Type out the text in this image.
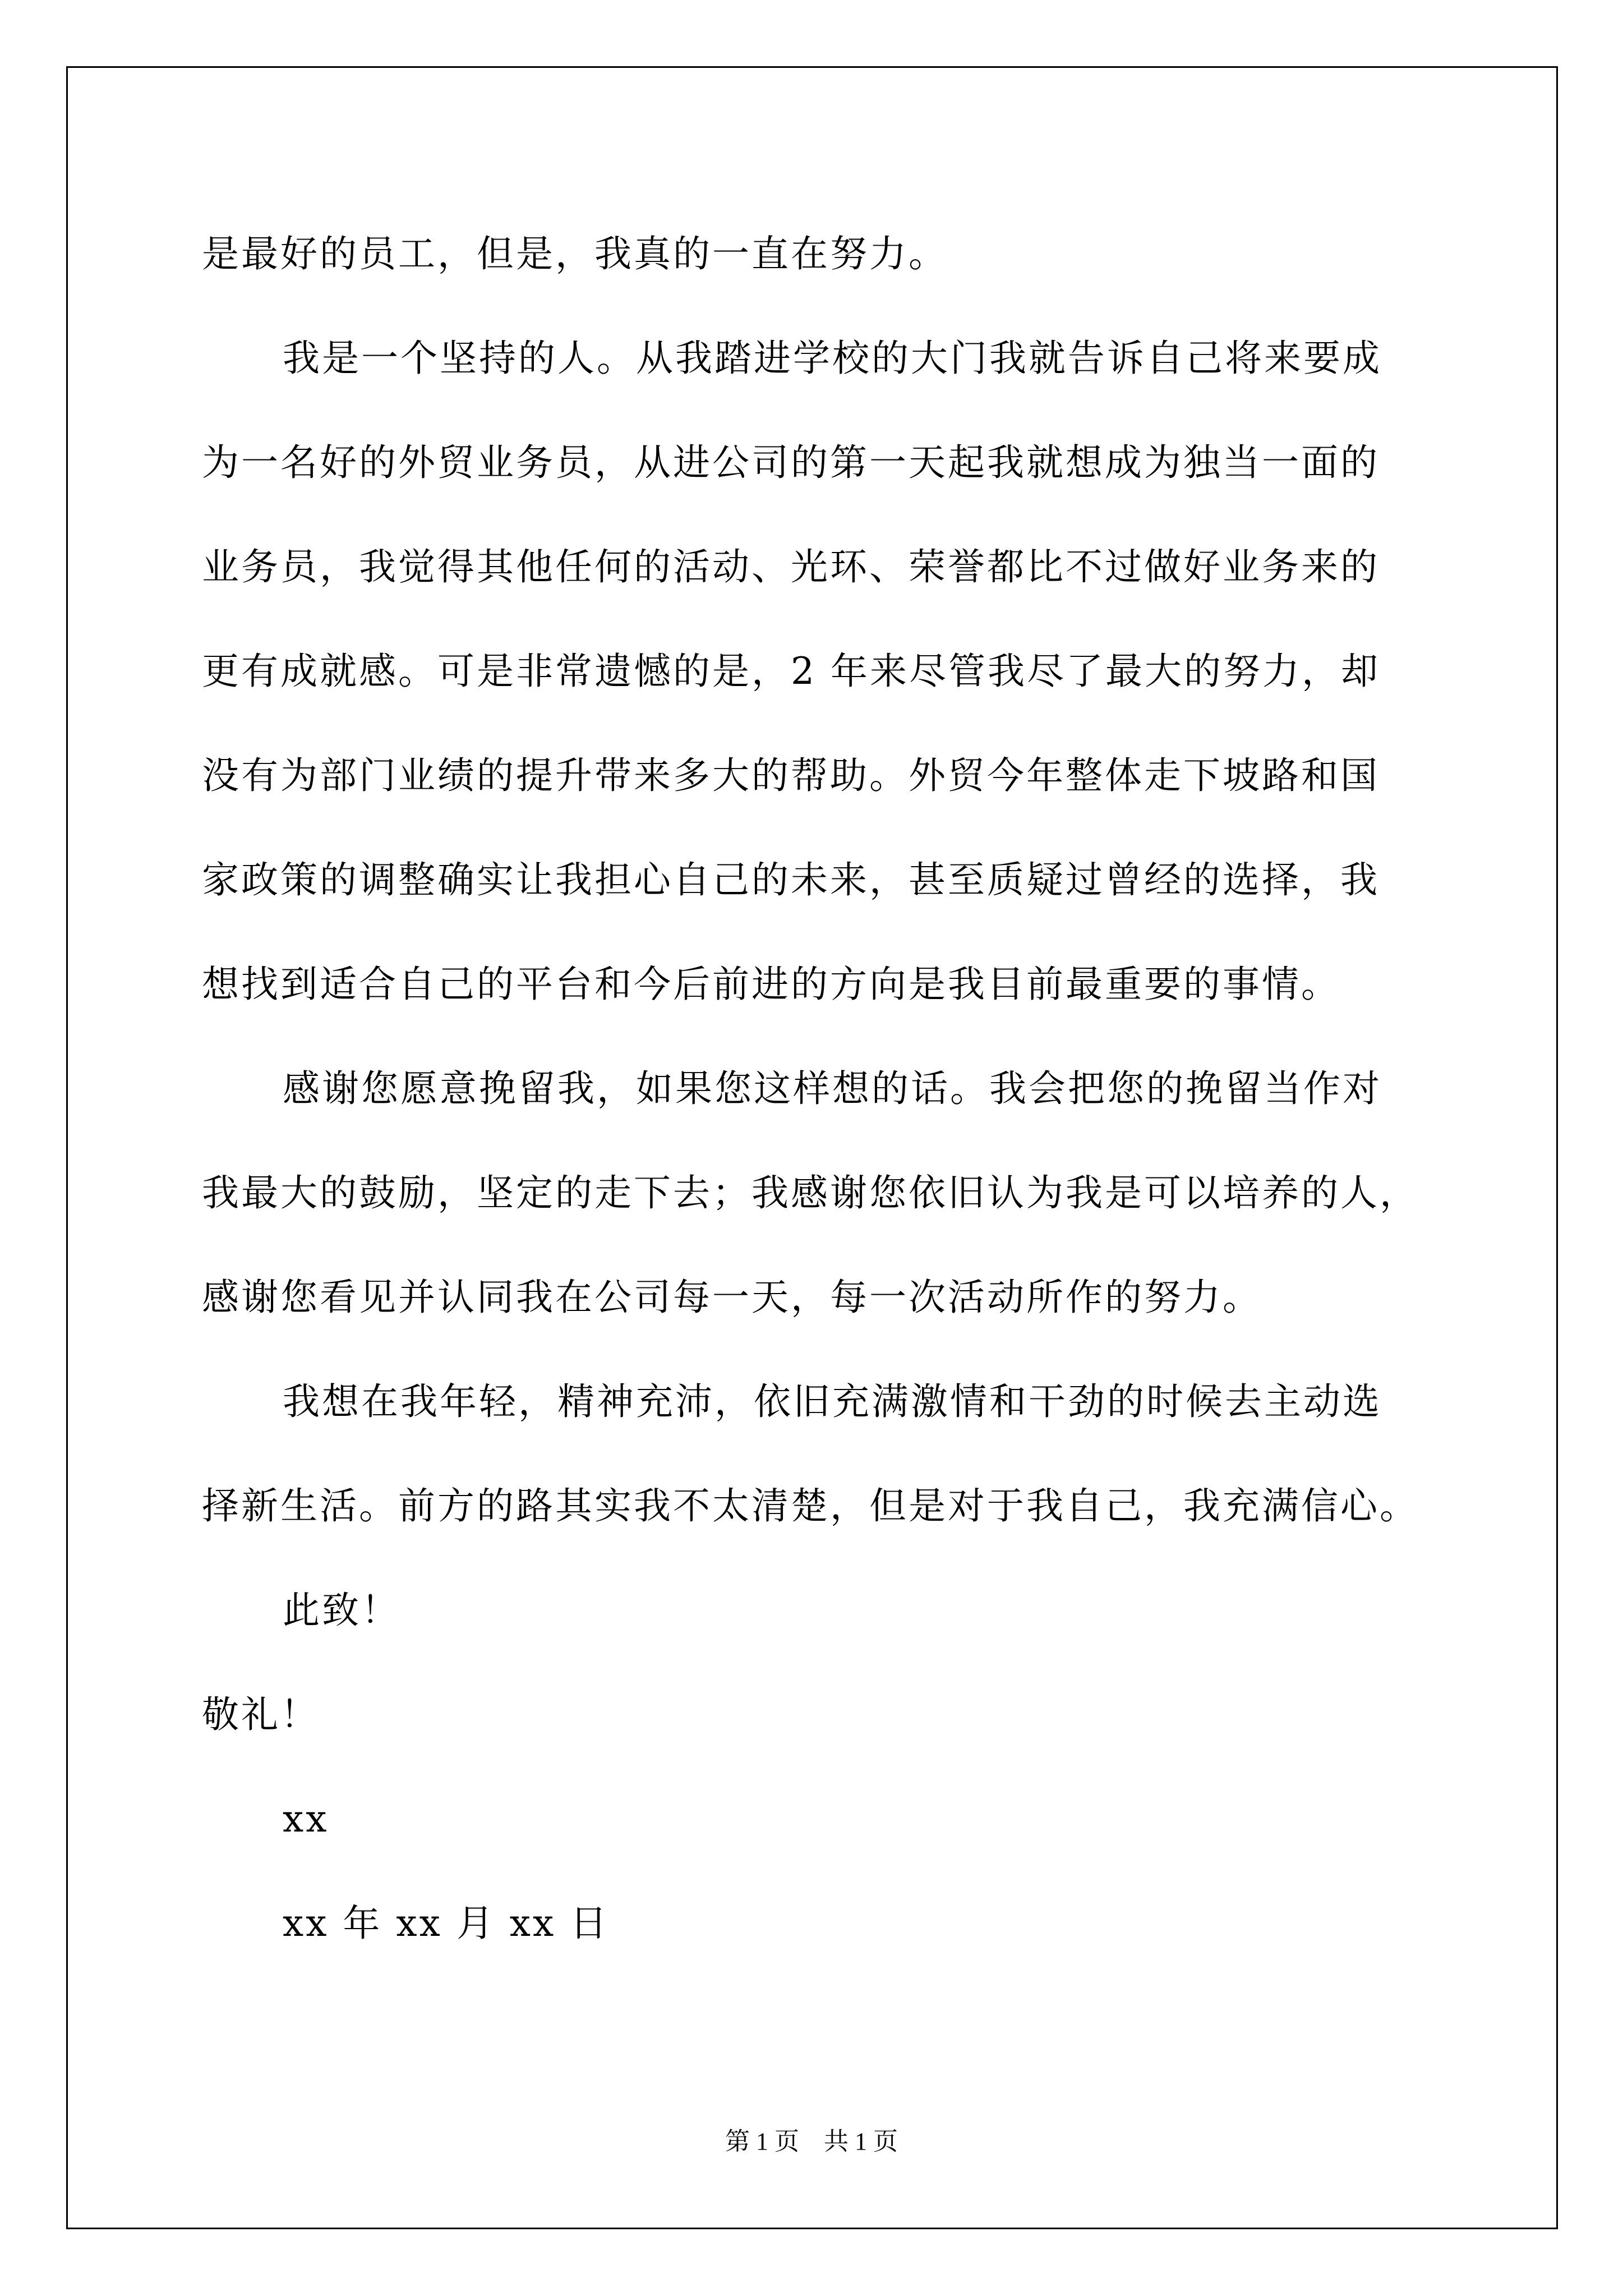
是最好的员工，但是，我真的一直在努力。
我是一个坚持的人。从我踏进学校的大门我就告诉自己将来要成
为一名好的外贸业务员，从进公司的第一天起我就想成为独当一面的
业务员，我觉得其他任何的活动、光环、荣誉都比不过做好业务来的
更有成就感。可是非常遗憾的是，2 年来尽管我尽了最大的努力，却
没有为部门业绩的提升带来多大的帮助。外贸今年整体走下坡路和国
家政策的调整确实让我担心自己的未来，甚至质疑过曾经的选择，我
想找到适合自己的平台和今后前进的方向是我目前最重要的事情。
感谢您愿意挽留我，如果您这样想的话。我会把您的挽留当作对
我最大的鼓励，坚定的走下去；我感谢您依旧认为我是可以培养的人，
感谢您看见并认同我在公司每一天，每一次活动所作的努力。
我想在我年轻，精神充沛，依旧充满激情和干劲的时候去主动选
择新生活。前方的路其实我不太清楚，但是对于我自己，我充满信心。
此致！
敬礼！
xx
xx 年 xx 月 xx 日
第 1 页　共 1 页
